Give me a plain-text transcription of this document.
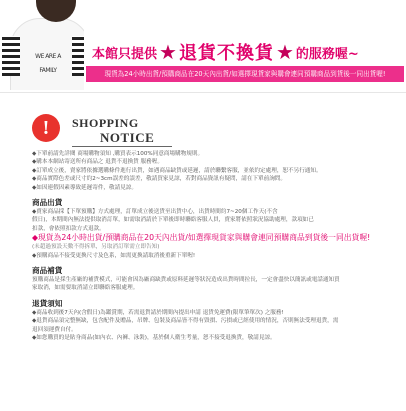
WE ARE A FAMILY
本館只提供 ★ 退貨不換貨 ★ 的服務喔~
現貨為24小時出貨/預購商品在20天內出貨/如選擇現貨家與購會連同預購商品到貨後一同出貨喔!
!	SHOPPING
NOTICE

◆下單前請先詳閱 商場購物須知 ,購買表示100%同意商場購物規則。

◆購本本網站寄送所有商品之 退貨不退換貨 服務喔。

◆訂單成立後，賣家將依據選購條件進行出貨，如遇商品缺貨或延遲，請於聯繫客服，並依約定處理，恕不另行通知。

◆商品實際色差或尺寸約2~3cm誤差的誤差，敬請買家見諒，若對商品資訊有疑問，請在下單前詢問。

◆如因連假因素導致延遲寄件，敬請見諒。

商品出貨

◆賣家商品採【下單預購】方式處理，訂單成立後送貨至出貨中心，出貨時間約7~20個工作天(不含

假日)，本期間內無法提供取消訂單，如需取消請於下單後即時聯絡客服人員，賣家將依照狀況協助處理，款項如已

扣款，會依照扣款方式退款。

◆現貨為24小時出貨/預購商品在20天內出貨/如選擇現貨家與購會連同預購商品到貨後一同出貨喔!

(未超過預設天數不得拆單，另取消訂單需立即告知)

◆預購商品不接受更換尺寸及色系，如需更換請取消後重新下單喔!

商品補貨

預購商品是採生產廠的補貨模式，可能會因為廠商缺貨或原料延遲等狀況造成出貨時間拉長，一定會盡快以簡訊或電話通知買

家取消，如需要取消請立即聯絡客服處理。

退貨須知

◆商品收到後7天內(含假日)為鑑賞期，若需退貨請於期間內提出申請 退貨免運費(限單筆單次) 之服務!

◆退貨商品須完整無缺，包含配件及贈品，吊牌、包裝及商品皆不得有毀損、污損或已經使用的情況，否則無法受理退貨，需

退回須運費自付。

◆如您購買的是貼身商品(如內衣、內褲、泳裝)，基於個人衛生考量，恕不接受退換貨，敬請見諒。
